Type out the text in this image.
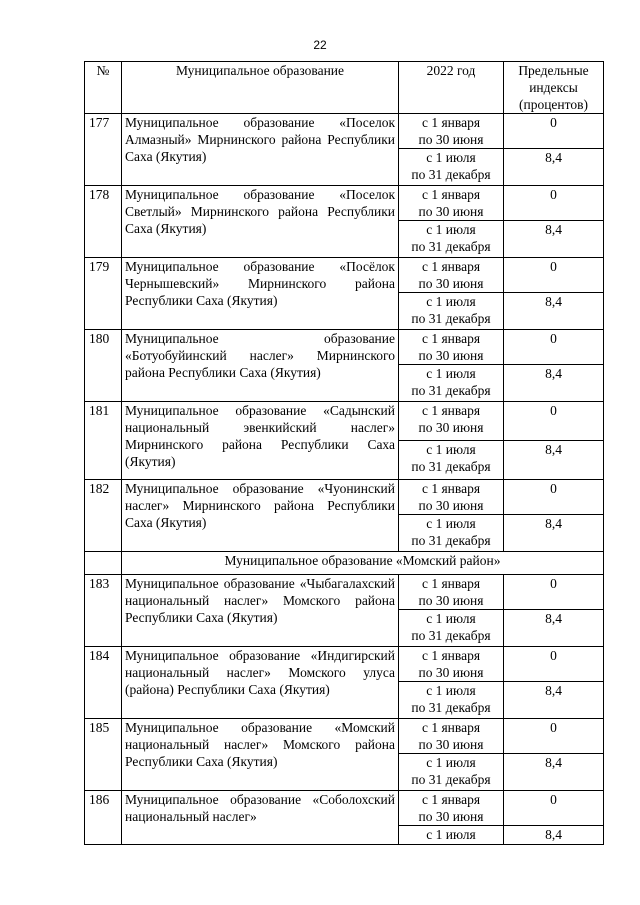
22
№	Муниципальное образование	2022 год	Предельные индексы (процентов)
177	Муниципальное образование «Поселок Алмазный» Мирнинского района Республики Саха (Якутия)	с 1 января
по 30 июня	0
		с 1 июля
по 31 декабря	8,4
178	Муниципальное образование «Поселок Светлый» Мирнинского района Республики Саха (Якутия)	с 1 января
по 30 июня	0
		с 1 июля
по 31 декабря	8,4
179	Муниципальное образование «Посёлок Чернышевский» Мирнинского района Республики Саха (Якутия)	с 1 января
по 30 июня	0
		с 1 июля
по 31 декабря	8,4
180	Муниципальное образование «Ботуобуйинский наслег» Мирнинского района Республики Саха (Якутия)	с 1 января
по 30 июня	0
		с 1 июля
по 31 декабря	8,4
181	Муниципальное образование «Садынский национальный эвенкийский наслег» Мирнинского района Республики Саха (Якутия)	с 1 января
по 30 июня	0
		с 1 июля
по 31 декабря	8,4
182	Муниципальное образование «Чуонинский наслег» Мирнинского района Республики Саха (Якутия)	с 1 января
по 30 июня	0
		с 1 июля
по 31 декабря	8,4
	Муниципальное образование «Момский район»		
183	Муниципальное образование «Чыбагалахский национальный наслег» Момского района Республики Саха (Якутия)	с 1 января
по 30 июня	0
		с 1 июля
по 31 декабря	8,4
184	Муниципальное образование «Индигирский национальный наслег» Момского улуса (района) Республики Саха (Якутия)	с 1 января
по 30 июня	0
		с 1 июля
по 31 декабря	8,4
185	Муниципальное образование «Момский национальный наслег» Момского района Республики Саха (Якутия)	с 1 января
по 30 июня	0
		с 1 июля
по 31 декабря	8,4
186	Муниципальное образование «Соболохский национальный наслег»	с 1 января
по 30 июня	0
		с 1 июля	8,4
